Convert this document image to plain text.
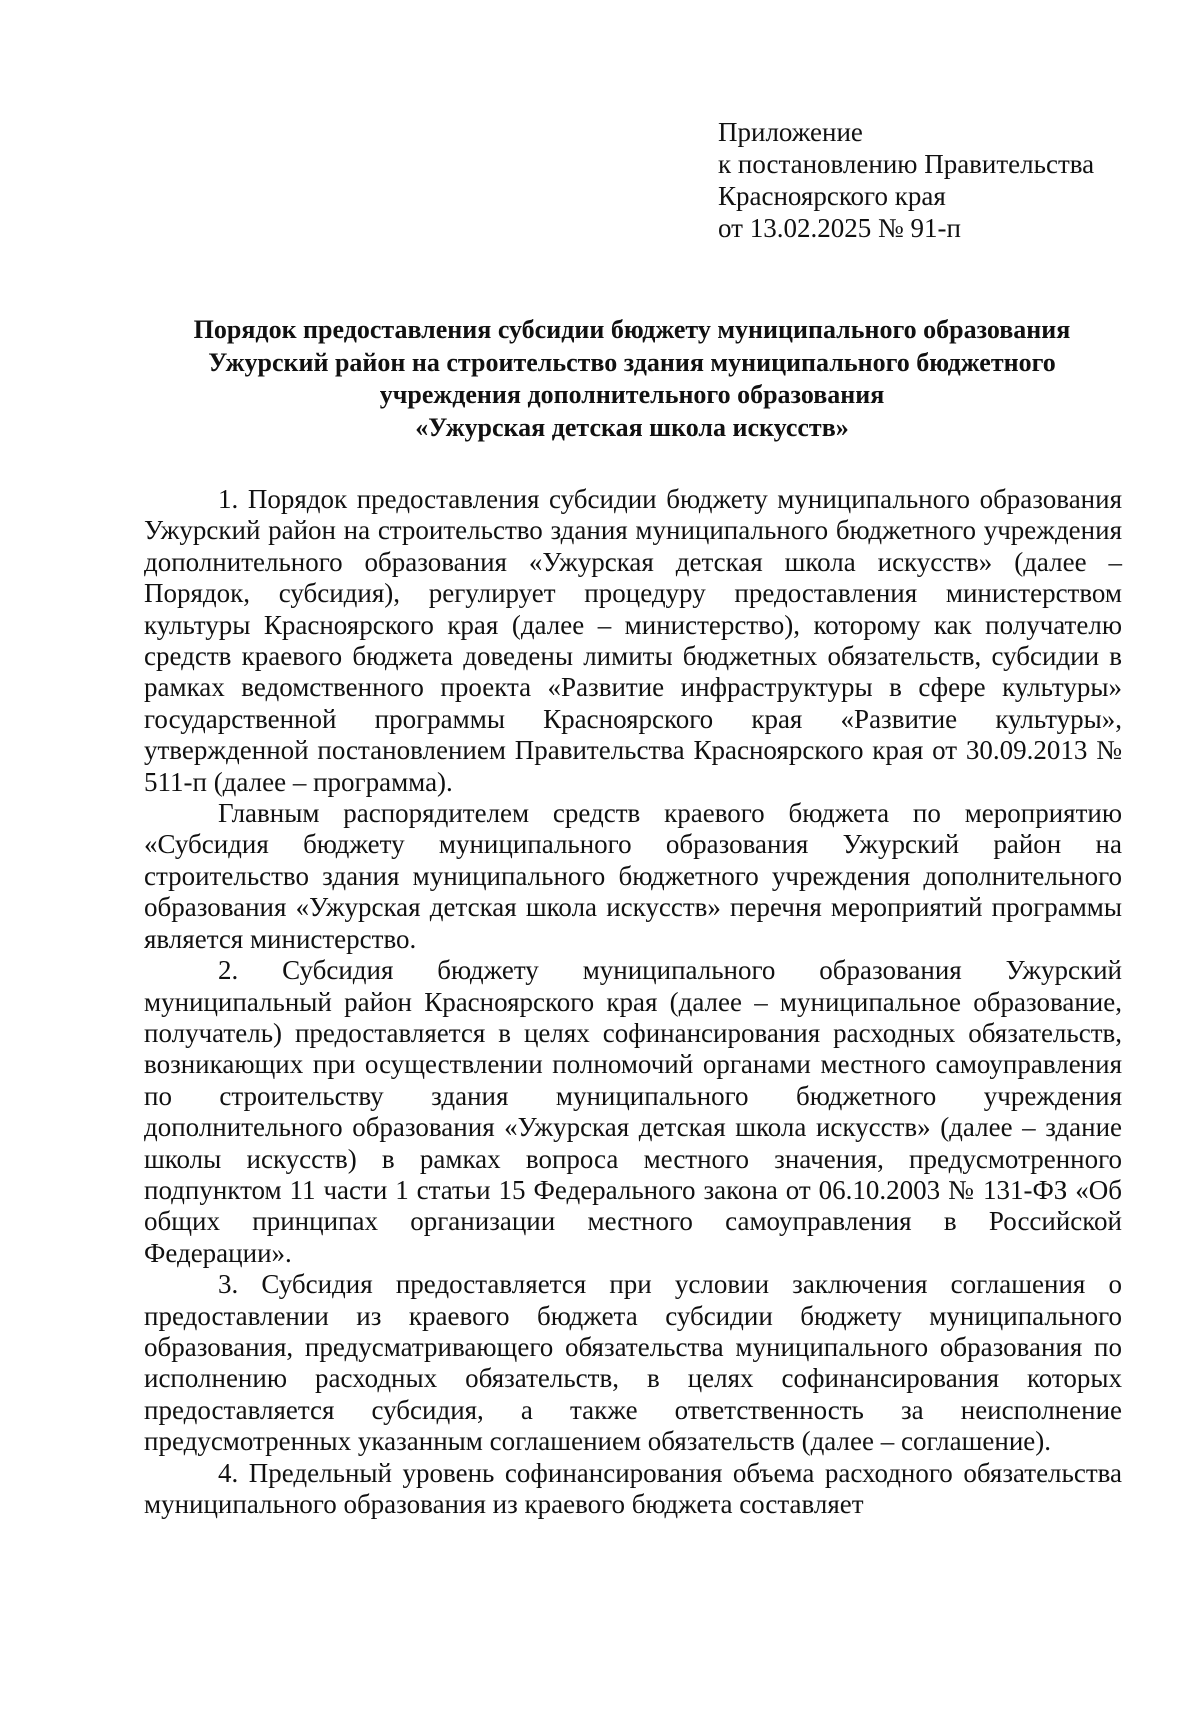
Приложение
к постановлению Правительства
Красноярского края
от 13.02.2025 № 91-п
Порядок предоставления субсидии бюджету муниципального образования
Ужурский район на строительство здания муниципального бюджетного
учреждения дополнительного образования
«Ужурская детская школа искусств»

1. Порядок предоставления субсидии бюджету муниципального образования Ужурский район на строительство здания муниципального бюджетного учреждения дополнительного образования «Ужурская детская школа искусств» (далее – Порядок, субсидия), регулирует процедуру предоставления министерством культуры Красноярского края (далее – министерство), которому как получателю средств краевого бюджета доведены лимиты бюджетных обязательств, субсидии в рамках ведомственного проекта «Развитие инфраструктуры в сфере культуры» государственной программы Красноярского края «Развитие культуры», утвержденной постановлением Правительства Красноярского края от 30.09.2013 № 511-п (далее – программа).

Главным распорядителем средств краевого бюджета по мероприятию «Субсидия бюджету муниципального образования Ужурский район на строительство здания муниципального бюджетного учреждения дополнительного образования «Ужурская детская школа искусств» перечня мероприятий программы является министерство.

2. Субсидия бюджету муниципального образования Ужурский муниципальный район Красноярского края (далее – муниципальное образование, получатель) предоставляется в целях софинансирования расходных обязательств, возникающих при осуществлении полномочий органами местного самоуправления по строительству здания муниципального бюджетного учреждения дополнительного образования «Ужурская детская школа искусств» (далее – здание школы искусств) в рамках вопроса местного значения, предусмотренного подпунктом 11 части 1 статьи 15 Федерального закона от 06.10.2003 № 131-ФЗ «Об общих принципах организации местного самоуправления в Российской Федерации».

3. Субсидия предоставляется при условии заключения соглашения о предоставлении из краевого бюджета субсидии бюджету муниципального образования, предусматривающего обязательства муниципального образования по исполнению расходных обязательств, в целях софинансирования которых предоставляется субсидия, а также ответственность за неисполнение предусмотренных указанным соглашением обязательств (далее – соглашение).

4. Предельный уровень софинансирования объема расходного обязательства муниципального образования из краевого бюджета составляет
